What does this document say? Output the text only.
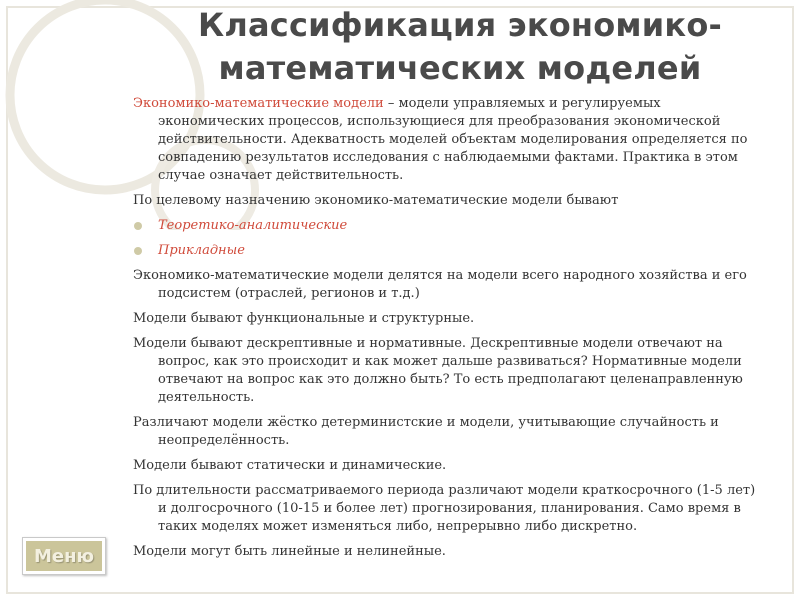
Классификация экономико-
математических моделей
Экономико-математические модели – модели управляемых и регулируемых экономических процессов, использующиеся для преобразования экономической действительности. Адекватность моделей объектам моделирования определяется по совпадению результатов исследования с наблюдаемыми фактами. Практика в этом случае означает действительность.
По целевому назначению экономико-математические модели бывают
Теоретико-аналитические
Прикладные
Экономико-математические модели делятся на модели всего народного хозяйства и его подсистем (отраслей, регионов и т.д.)
Модели бывают функциональные и структурные.
Модели бывают дескрептивные и нормативные. Дескрептивные модели отвечают на вопрос, как это происходит и как может дальше развиваться? Нормативные модели отвечают на вопрос как это должно быть? То есть предполагают целенаправленную деятельность.
Различают модели жёстко детерминистские и модели, учитывающие случайность и неопределённость.
Модели бывают статически и динамические.
По длительности рассматриваемого периода различают модели краткосрочного (1-5 лет) и долгосрочного (10-15 и более лет) прогнозирования, планирования. Само время в таких моделях может изменяться либо, непрерывно либо дискретно.
Модели могут быть линейные и нелинейные.
Меню
